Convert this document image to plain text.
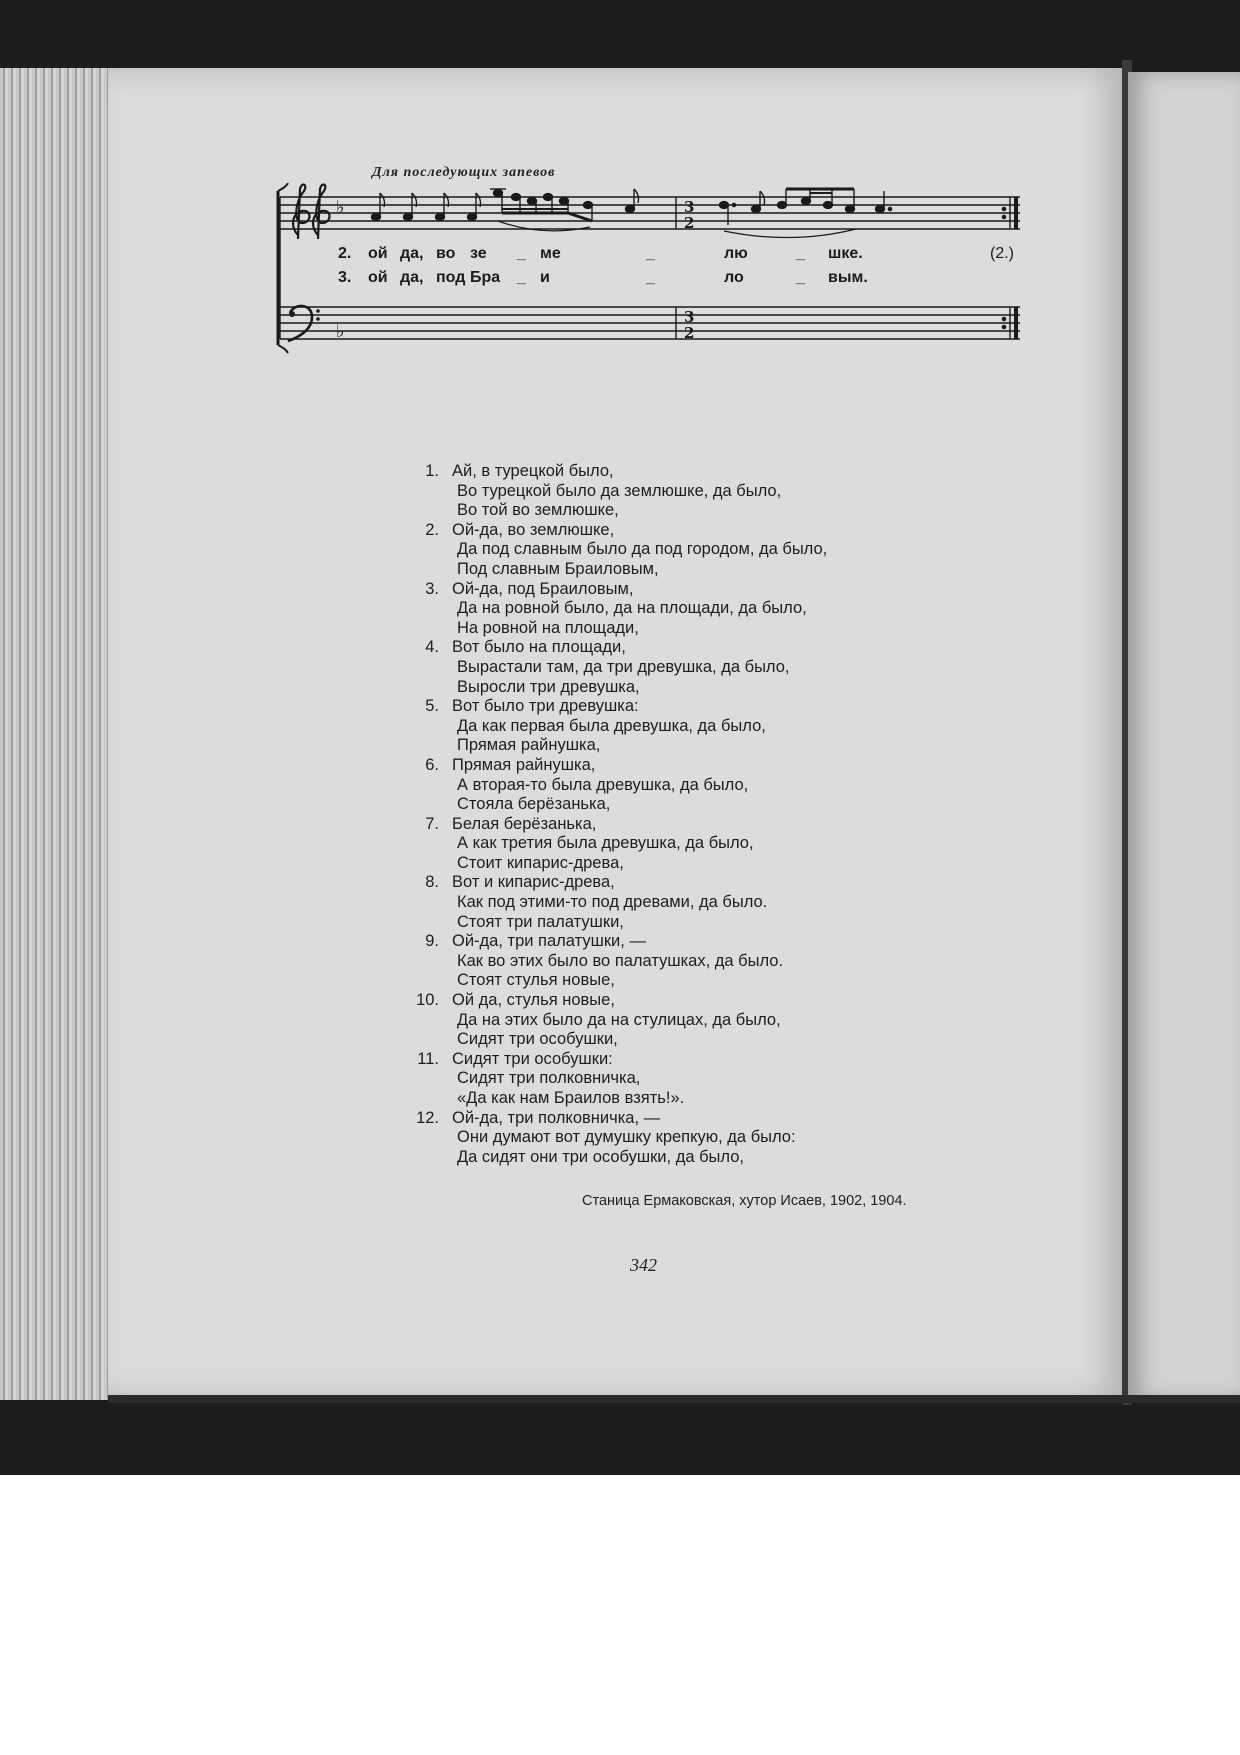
Для последующих запевов
♭
♭
3
2
3
2
2. ой да, во зе _ ме	_	лю	_ шке.	(2.)
3. ой да, под Бра _ и	_	ло	_ вым.
1. Ай, в турецкой было,
Во турецкой было да землюшке, да было,
Во той во землюшке,
2. Ой-да, во землюшке,
Да под славным было да под городом, да было,
Под славным Браиловым,
3. Ой-да, под Браиловым,
Да на ровной было, да на площади, да было,
На ровной на площади,
4. Вот было на площади,
Вырастали там, да три древушка, да было,
Выросли три древушка,
5. Вот было три древушка:
Да как первая была древушка, да было,
Прямая райнушка,
6. Прямая райнушка,
А вторая-то была древушка, да было,
Стояла берёзанька,
7. Белая берёзанька,
А как третия была древушка, да было,
Стоит кипарис-древа,
8. Вот и кипарис-древа,
Как под этими-то под древами, да было.
Стоят три палатушки,
9. Ой-да, три палатушки, —
Как во этих было во палатушках, да было.
Стоят стулья новые,
10. Ой да, стулья новые,
Да на этих было да на стулицах, да было,
Сидят три особушки,
11. Сидят три особушки:
Сидят три полковничка,
«Да как нам Браилов взять!».
12. Ой-да, три полковничка, —
Они думают вот думушку крепкую, да было:
Да сидят они три особушки, да было,
Станица Ермаковская, хутор Исаев, 1902, 1904.
342
